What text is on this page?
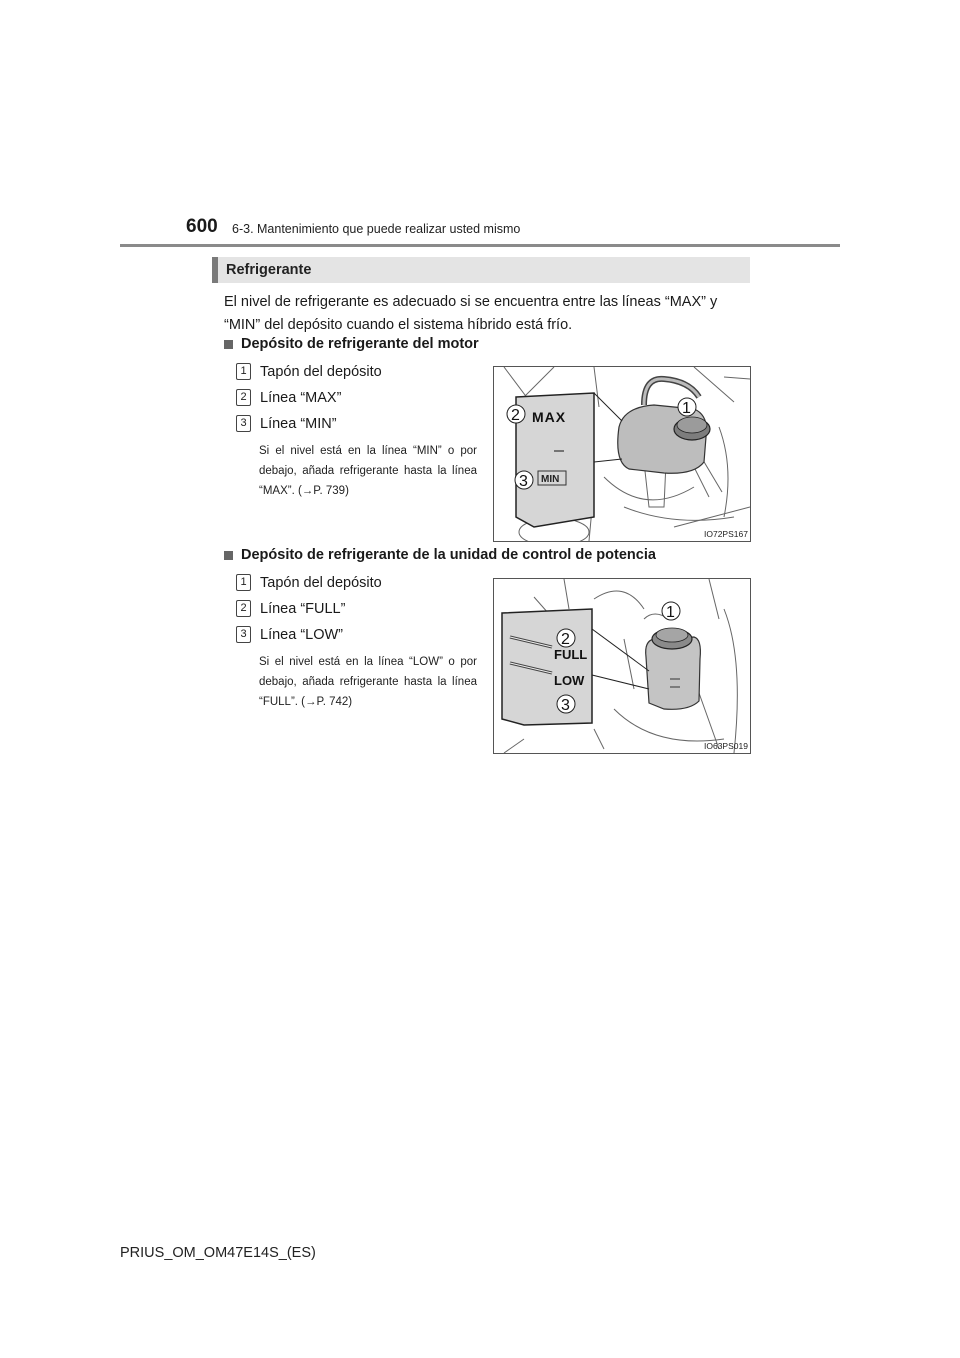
600 6-3. Mantenimiento que puede realizar usted mismo
Refrigerante
El nivel de refrigerante es adecuado si se encuentra entre las líneas “MAX” y “MIN” del depósito cuando el sistema híbrido está frío.
Depósito de refrigerante del motor
1 Tapón del depósito
2 Línea “MAX”
3 Línea “MIN”
Si el nivel está en la línea “MIN” o por debajo, añada refrigerante hasta la línea “MAX”. (→P. 739)
MAX
MIN
2	1
3
IO72PS167
Depósito de refrigerante de la unidad de control de potencia
1 Tapón del depósito
2 Línea “FULL”
3 Línea “LOW”
Si el nivel está en la línea “LOW” o por debajo, añada refrigerante hasta la línea “FULL”. (→P. 742)
FULL
LOW
1
2
3
IO63PS019
PRIUS_OM_OM47E14S_(ES)
